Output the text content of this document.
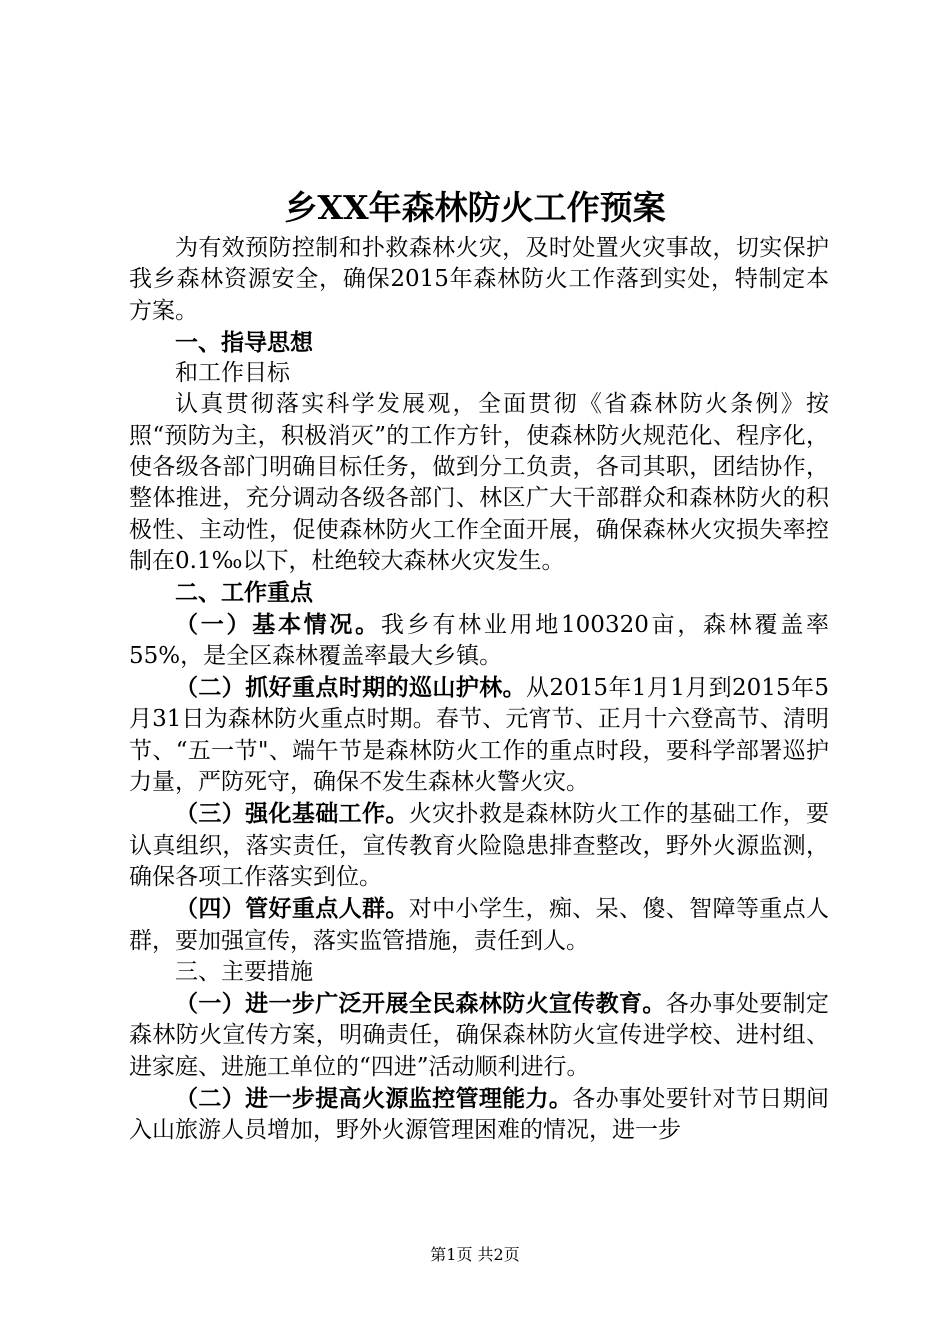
乡XX年森林防火工作预案

为有效预防控制和扑救森林火灾，及时处置火灾事故，切实保护我乡森林资源安全，确保2015年森林防火工作落到实处，特制定本方案。

一、指导思想

和工作目标

认真贯彻落实科学发展观，全面贯彻《省森林防火条例》按照“预防为主，积极消灭”的工作方针，使森林防火规范化、程序化，使各级各部门明确目标任务，做到分工负责，各司其职，团结协作，整体推进，充分调动各级各部门、林区广大干部群众和森林防火的积极性、主动性，促使森林防火工作全面开展，确保森林火灾损失率控制在0.1‰以下，杜绝较大森林火灾发生。

二、工作重点

（一）基本情况。我乡有林业用地100320亩，森林覆盖率55%，是全区森林覆盖率最大乡镇。

（二）抓好重点时期的巡山护林。从2015年1月1月到2015年5月31日为森林防火重点时期。春节、元宵节、正月十六登高节、清明节、“五一节"、端午节是森林防火工作的重点时段，要科学部署巡护力量，严防死守，确保不发生森林火警火灾。

（三）强化基础工作。火灾扑救是森林防火工作的基础工作，要认真组织，落实责任，宣传教育火险隐患排查整改，野外火源监测，确保各项工作落实到位。

（四）管好重点人群。对中小学生，痴、呆、傻、智障等重点人群，要加强宣传，落实监管措施，责任到人。

三、主要措施

（一）进一步广泛开展全民森林防火宣传教育。各办事处要制定森林防火宣传方案，明确责任，确保森林防火宣传进学校、进村组、进家庭、进施工单位的“四进”活动顺利进行。

（二）进一步提高火源监控管理能力。各办事处要针对节日期间入山旅游人员增加，野外火源管理困难的情况，进一步

第1页 共2页
